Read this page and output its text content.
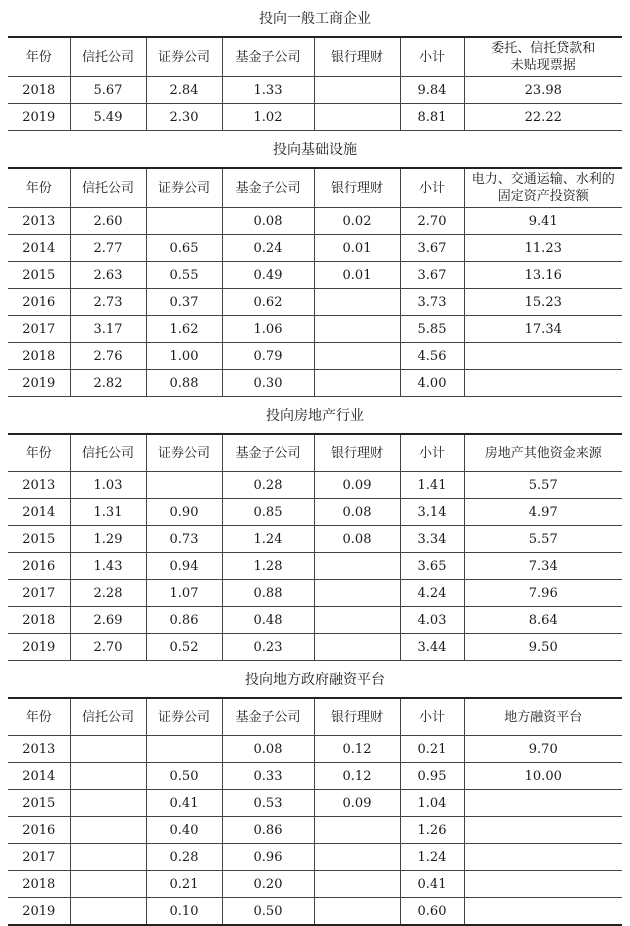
投向一般工商企业
年份	信托公司	证券公司	基金子公司	银行理财	小计	委托、信托贷款和
未贴现票据
2018	5.67	2.84	1.33		9.84	23.98
2019	5.49	2.30	1.02		8.81	22.22
投向基础设施
年份	信托公司	证券公司	基金子公司	银行理财	小计	电力、交通运输、水利的
固定资产投资额
2013	2.60		0.08	0.02	2.70	9.41
2014	2.77	0.65	0.24	0.01	3.67	11.23
2015	2.63	0.55	0.49	0.01	3.67	13.16
2016	2.73	0.37	0.62		3.73	15.23
2017	3.17	1.62	1.06		5.85	17.34
2018	2.76	1.00	0.79		4.56	
2019	2.82	0.88	0.30		4.00	
投向房地产行业
年份	信托公司	证券公司	基金子公司	银行理财	小计	房地产其他资金来源
2013	1.03		0.28	0.09	1.41	5.57
2014	1.31	0.90	0.85	0.08	3.14	4.97
2015	1.29	0.73	1.24	0.08	3.34	5.57
2016	1.43	0.94	1.28		3.65	7.34
2017	2.28	1.07	0.88		4.24	7.96
2018	2.69	0.86	0.48		4.03	8.64
2019	2.70	0.52	0.23		3.44	9.50
投向地方政府融资平台
年份	信托公司	证券公司	基金子公司	银行理财	小计	地方融资平台
2013			0.08	0.12	0.21	9.70
2014		0.50	0.33	0.12	0.95	10.00
2015		0.41	0.53	0.09	1.04	
2016		0.40	0.86		1.26	
2017		0.28	0.96		1.24	
2018		0.21	0.20		0.41	
2019		0.10	0.50		0.60	
